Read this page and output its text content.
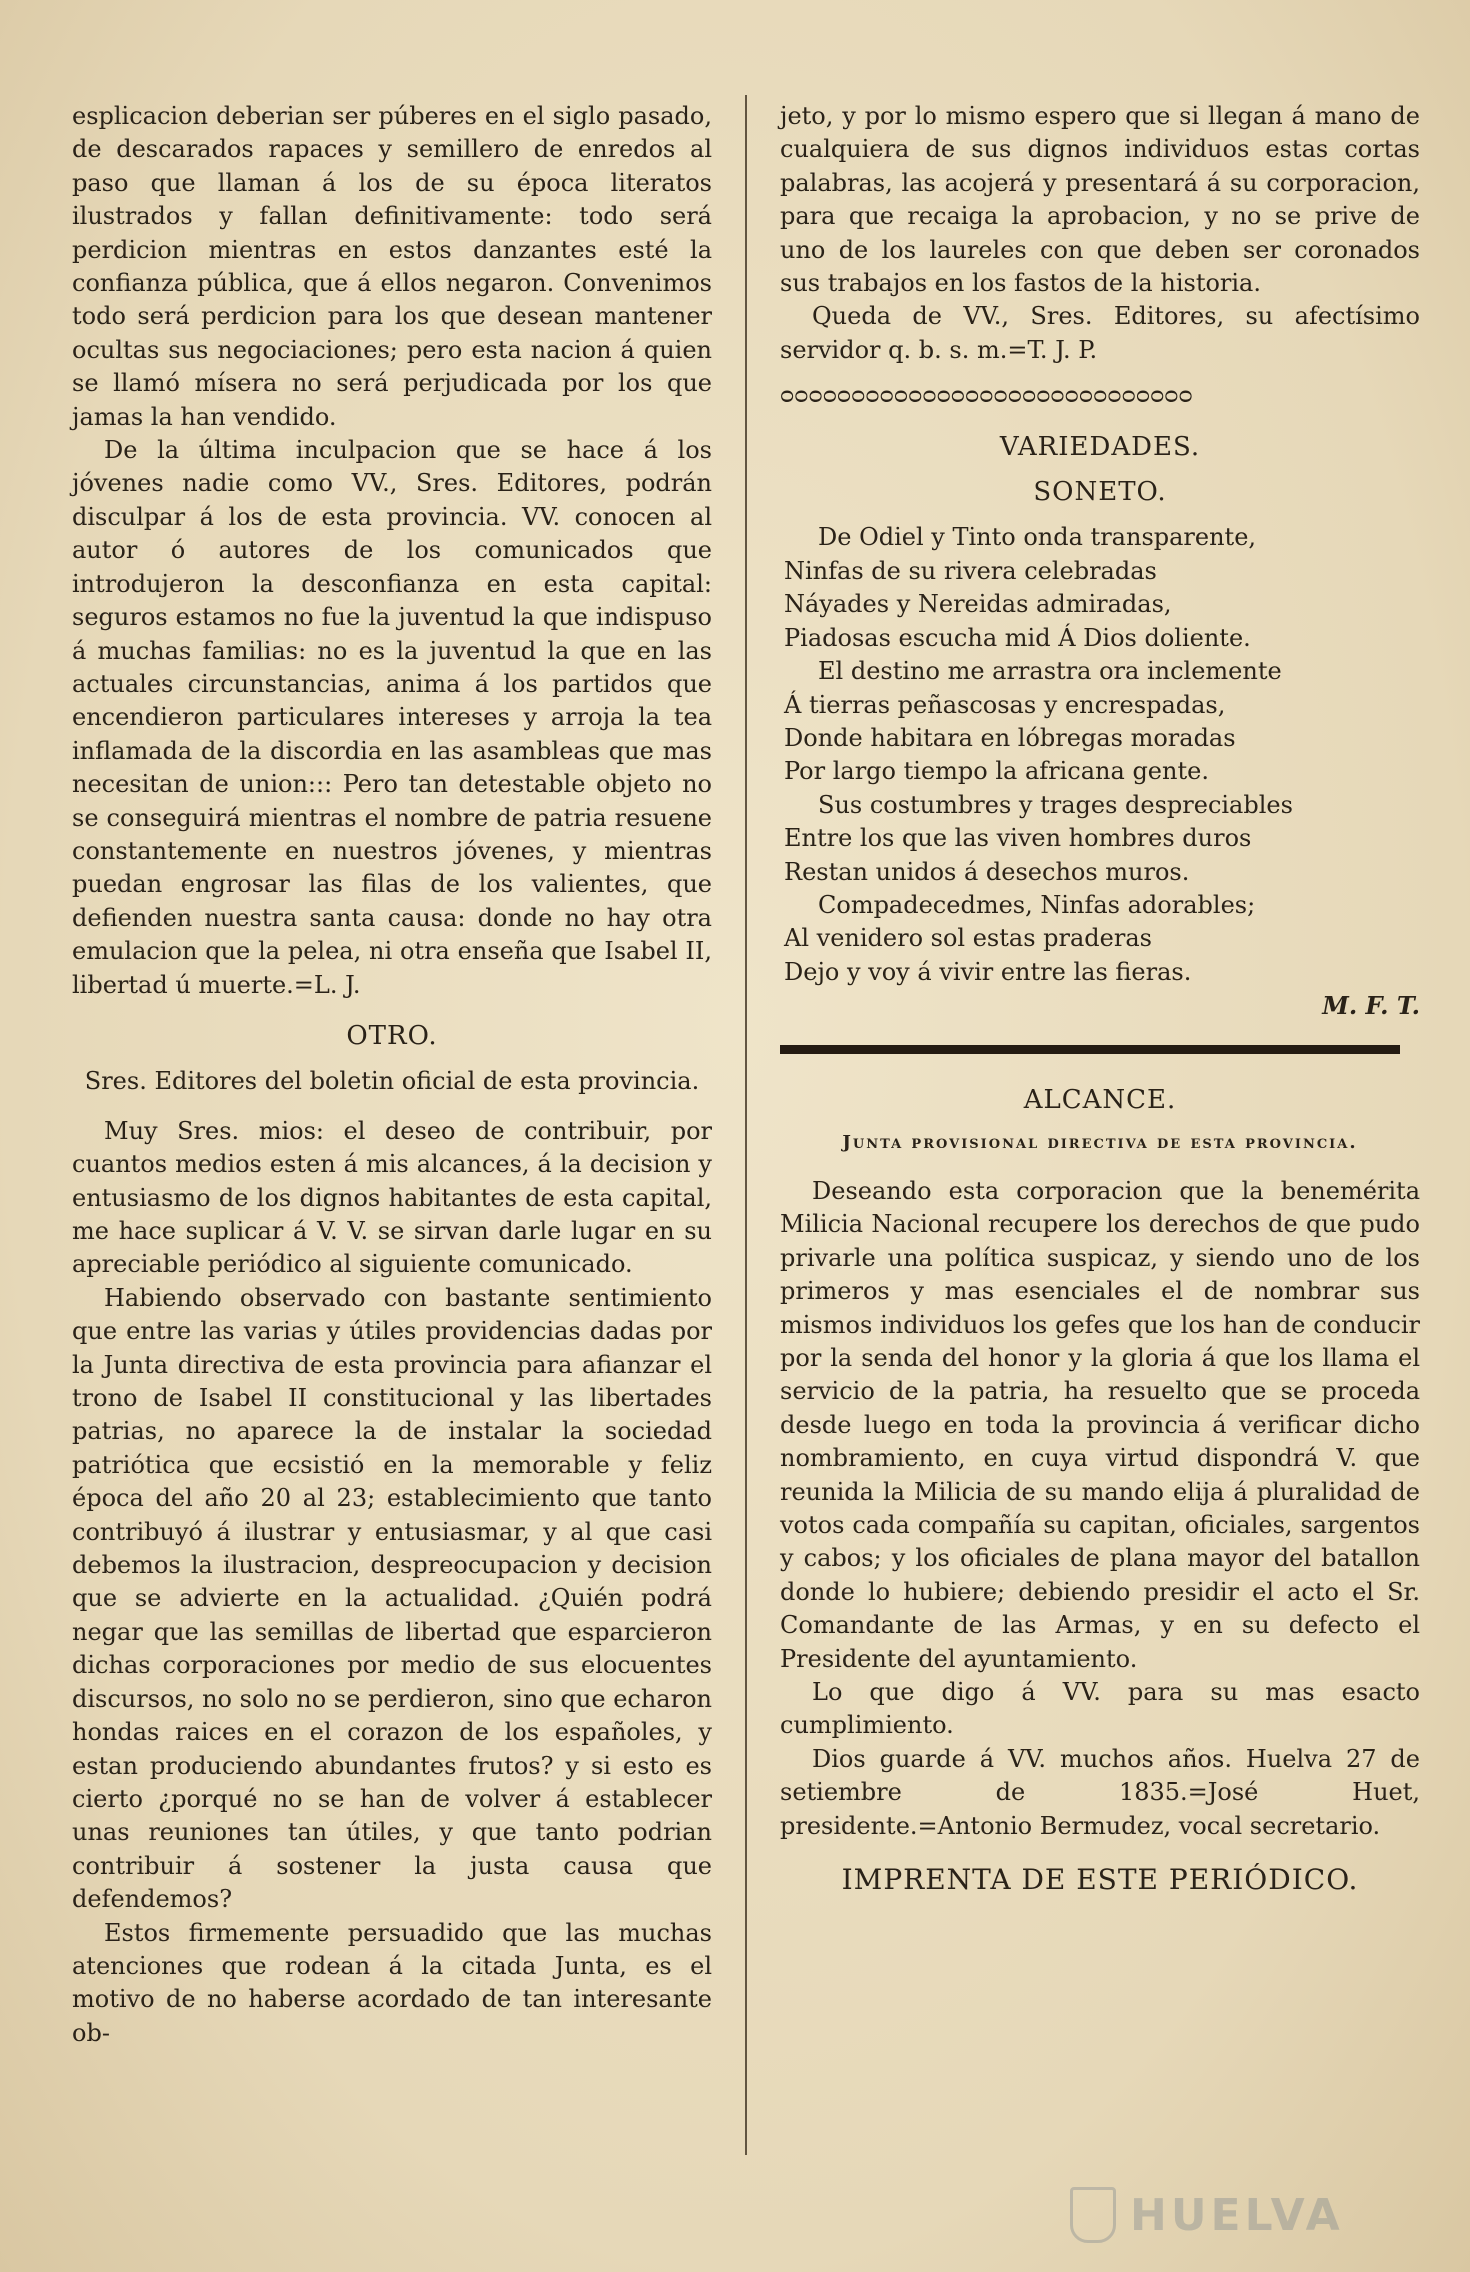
esplicacion deberian ser púberes en el siglo pasado, de descarados rapaces y semillero de enredos al paso que llaman á los de su época literatos ilustrados y fallan definitivamente: todo será perdicion mientras en estos danzantes esté la confianza pública, que á ellos negaron. Convenimos todo será perdicion para los que desean mantener ocultas sus negociaciones; pero esta nacion á quien se llamó mísera no será perjudicada por los que jamas la han vendido.

De la última inculpacion que se hace á los jóvenes nadie como VV., Sres. Editores, podrán disculpar á los de esta provincia. VV. conocen al autor ó autores de los comunicados que introdujeron la desconfianza en esta capital: seguros estamos no fue la juventud la que indispuso á muchas familias: no es la juventud la que en las actuales circunstancias, anima á los partidos que encendieron particulares intereses y arroja la tea inflamada de la discordia en las asambleas que mas necesitan de union::: Pero tan detestable objeto no se conseguirá mientras el nombre de patria resuene constantemente en nuestros jóvenes, y mientras puedan engrosar las filas de los valientes, que defienden nuestra santa causa: donde no hay otra emulacion que la pelea, ni otra enseña que Isabel II, libertad ú muerte.=L. J.

OTRO.

Sres. Editores del boletin oficial de esta provincia.

Muy Sres. mios: el deseo de contribuir, por cuantos medios esten á mis alcances, á la decision y entusiasmo de los dignos habitantes de esta capital, me hace suplicar á V. V. se sirvan darle lugar en su apreciable periódico al siguiente comunicado.

Habiendo observado con bastante sentimiento que entre las varias y útiles providencias dadas por la Junta directiva de esta provincia para afianzar el trono de Isabel II constitucional y las libertades patrias, no aparece la de instalar la sociedad patriótica que ecsistió en la memorable y feliz época del año 20 al 23; establecimiento que tanto contribuyó á ilustrar y entusiasmar, y al que casi debemos la ilustracion, despreocupacion y decision que se advierte en la actualidad. ¿Quién podrá negar que las semillas de libertad que esparcieron dichas corporaciones por medio de sus elocuentes discursos, no solo no se perdieron, sino que echaron hondas raices en el corazon de los españoles, y estan produciendo abundantes frutos? y si esto es cierto ¿porqué no se han de volver á establecer unas reuniones tan útiles, y que tanto podrian contribuir á sostener la justa causa que defendemos?

Estos firmemente persuadido que las muchas atenciones que rodean á la citada Junta, es el motivo de no haberse acordado de tan interesante ob-

jeto, y por lo mismo espero que si llegan á mano de cualquiera de sus dignos individuos estas cortas palabras, las acojerá y presentará á su corporacion, para que recaiga la aprobacion, y no se prive de uno de los laureles con que deben ser coronados sus trabajos en los fastos de la historia.

Queda de VV., Sres. Editores, su afectísimo servidor q. b. s. m.=T. J. P.

ᴑᴑᴑᴑᴑᴑᴑᴑᴑᴑᴑᴑᴑᴑᴑᴑᴑᴑᴑᴑᴑᴑᴑᴑᴑᴑᴑᴑᴑ
VARIEDADES.
SONETO.
De Odiel y Tinto onda transparente,
Ninfas de su rivera celebradas
Náyades y Nereidas admiradas,
Piadosas escucha mid Á Dios doliente.
El destino me arrastra ora inclemente
Á tierras peñascosas y encrespadas,
Donde habitara en lóbregas moradas
Por largo tiempo la africana gente.
Sus costumbres y trages despreciables
Entre los que las viven hombres duros
Restan unidos á desechos muros.
Compadecedmes, Ninfas adorables;
Al venidero sol estas praderas
Dejo y voy á vivir entre las fieras.
M. F. T.
ALCANCE.
Junta provisional directiva de esta provincia.

Deseando esta corporacion que la benemérita Milicia Nacional recupere los derechos de que pudo privarle una política suspicaz, y siendo uno de los primeros y mas esenciales el de nombrar sus mismos individuos los gefes que los han de conducir por la senda del honor y la gloria á que los llama el servicio de la patria, ha resuelto que se proceda desde luego en toda la provincia á verificar dicho nombramiento, en cuya virtud dispondrá V. que reunida la Milicia de su mando elija á pluralidad de votos cada compañía su capitan, oficiales, sargentos y cabos; y los oficiales de plana mayor del batallon donde lo hubiere; debiendo presidir el acto el Sr. Comandante de las Armas, y en su defecto el Presidente del ayuntamiento.

Lo que digo á VV. para su mas esacto cumplimiento.

Dios guarde á VV. muchos años. Huelva 27 de setiembre de 1835.=José Huet, presidente.=Antonio Bermudez, vocal secretario.

IMPRENTA DE ESTE PERIÓDICO.
HUELVA
